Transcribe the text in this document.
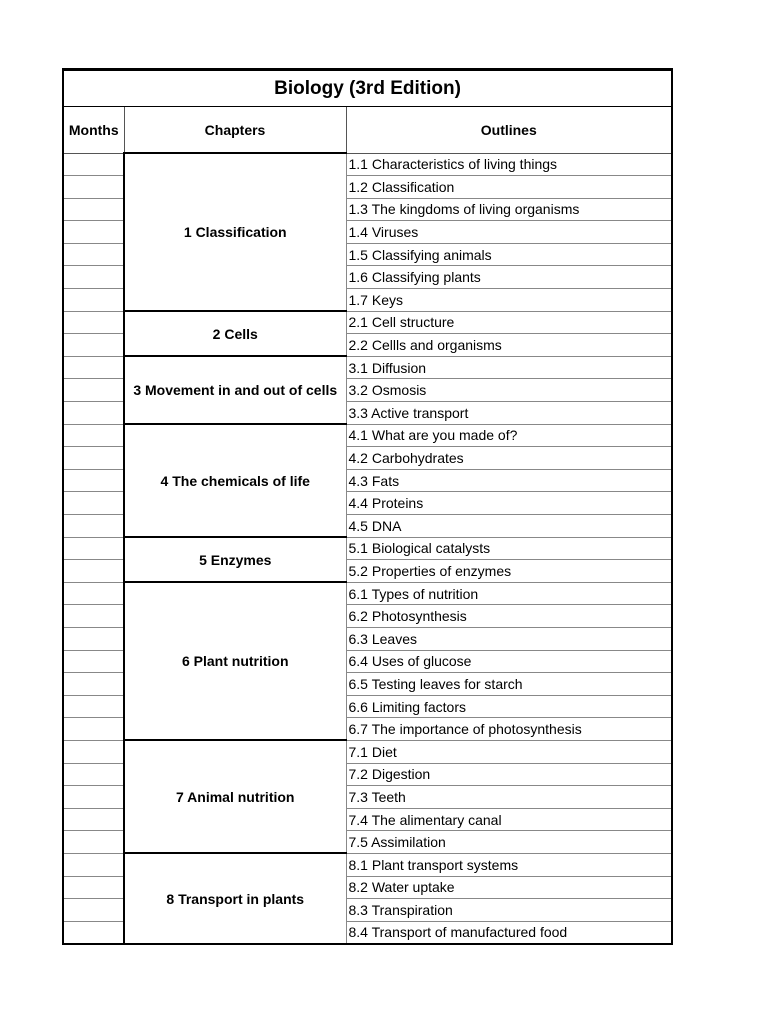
Biology (3rd Edition)		
Months	Chapters	Outlines
	1 Classification	1.1 Characteristics of living things
		1.2 Classification
		1.3 The kingdoms of living organisms
		1.4 Viruses
		1.5 Classifying animals
		1.6 Classifying plants
		1.7 Keys
	2 Cells	2.1 Cell structure
		2.2 Cellls and organisms
	3 Movement in and out of cells	3.1 Diffusion
		3.2 Osmosis
		3.3 Active transport
	4 The chemicals of life	4.1 What are you made of?
		4.2 Carbohydrates
		4.3 Fats
		4.4 Proteins
		4.5 DNA
	5 Enzymes	5.1 Biological catalysts
		5.2 Properties of enzymes
	6 Plant nutrition	6.1 Types of nutrition
		6.2 Photosynthesis
		6.3 Leaves
		6.4 Uses of glucose
		6.5 Testing leaves for starch
		6.6 Limiting factors
		6.7 The importance of photosynthesis
	7 Animal nutrition	7.1 Diet
		7.2 Digestion
		7.3 Teeth
		7.4 The alimentary canal
		7.5 Assimilation
	8 Transport in plants	8.1 Plant transport systems
		8.2 Water uptake
		8.3 Transpiration
		8.4 Transport of manufactured food
